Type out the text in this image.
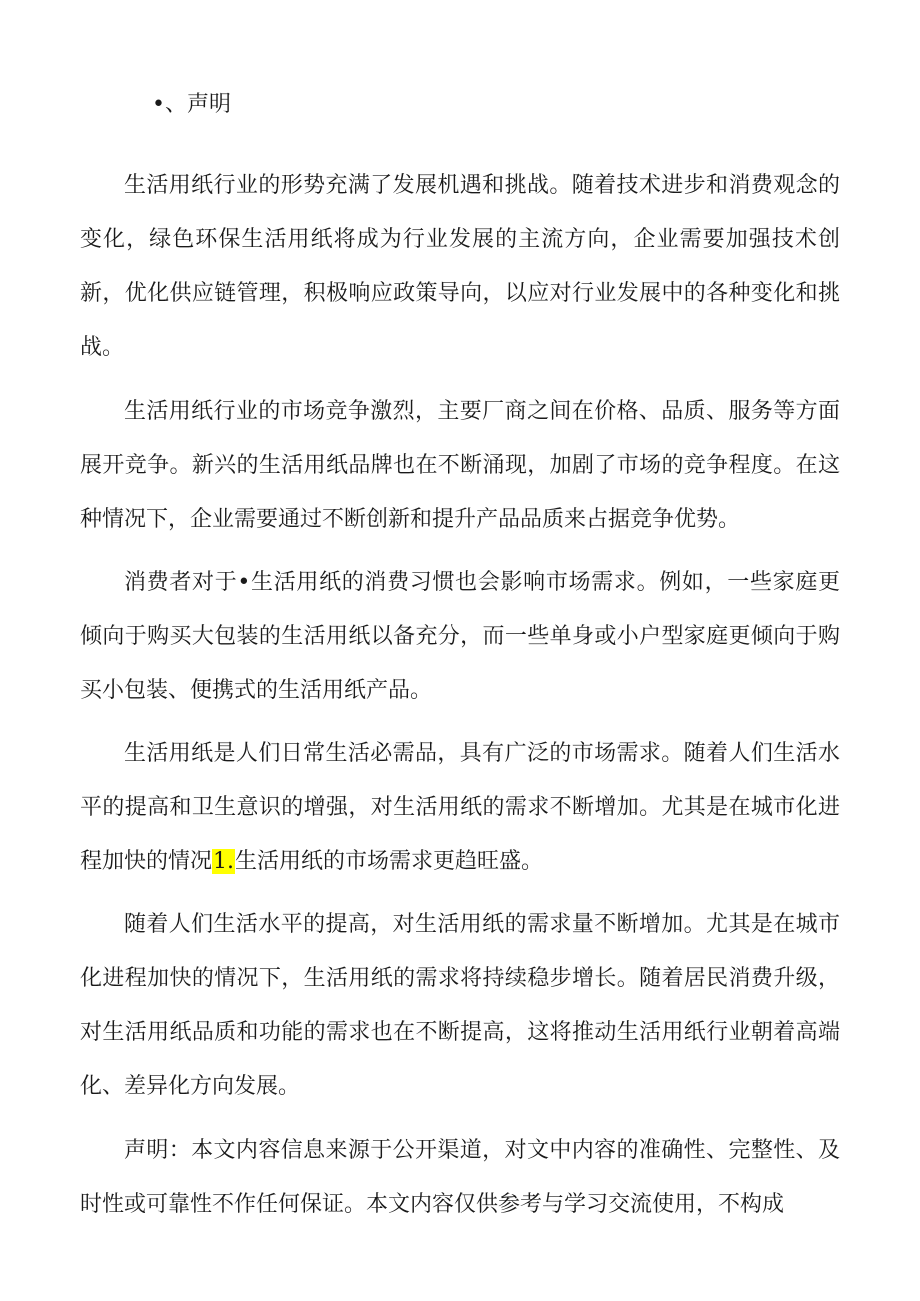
•、声明

生活用纸行业的形势充满了发展机遇和挑战。随着技术进步和消费观念的变化，绿色环保生活用纸将成为行业发展的主流方向，企业需要加强技术创新，优化供应链管理，积极响应政策导向，以应对行业发展中的各种变化和挑战。

生活用纸行业的市场竞争激烈，主要厂商之间在价格、品质、服务等方面展开竞争。新兴的生活用纸品牌也在不断涌现，加剧了市场的竞争程度。在这种情况下，企业需要通过不断创新和提升产品品质来占据竞争优势。

消费者对于•生活用纸的消费习惯也会影响市场需求。例如，一些家庭更倾向于购买大包装的生活用纸以备充分，而一些单身或小户型家庭更倾向于购买小包装、便携式的生活用纸产品。

生活用纸是人们日常生活必需品，具有广泛的市场需求。随着人们生活水平的提高和卫生意识的增强，对生活用纸的需求不断增加。尤其是在城市化进程加快的情况1.生活用纸的市场需求更趋旺盛。

随着人们生活水平的提高，对生活用纸的需求量不断增加。尤其是在城市化进程加快的情况下，生活用纸的需求将持续稳步增长。随着居民消费升级，对生活用纸品质和功能的需求也在不断提高，这将推动生活用纸行业朝着高端化、差异化方向发展。

声明：本文内容信息来源于公开渠道，对文中内容的准确性、完整性、及时性或可靠性不作任何保证。本文内容仅供参考与学习交流使用，不构成
